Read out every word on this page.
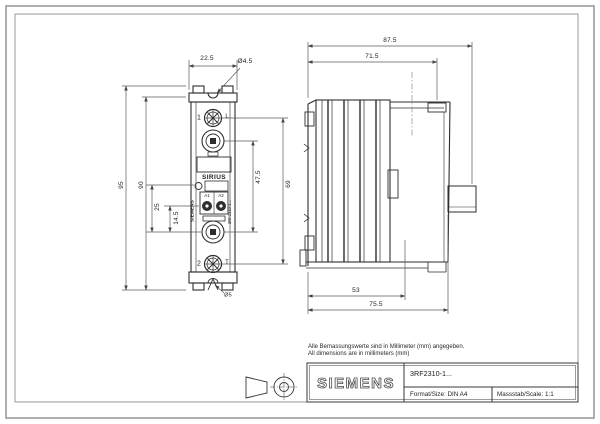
SIEMENS
22.5	Ø4.5
95 90
25
14.5
47.5
69
Ø5
1	L
2	T
SIRIUS
A1 A2
SIEMENS	3RF2310-1...
87.5
71.5
53
75.5
Alle Bemassungswerte sind in Millimeter (mm) angegeben.
All dimensions are in millimeters (mm)
3RF2310-1...
Format/Size: DIN A4	Massstab/Scale: 1:1
